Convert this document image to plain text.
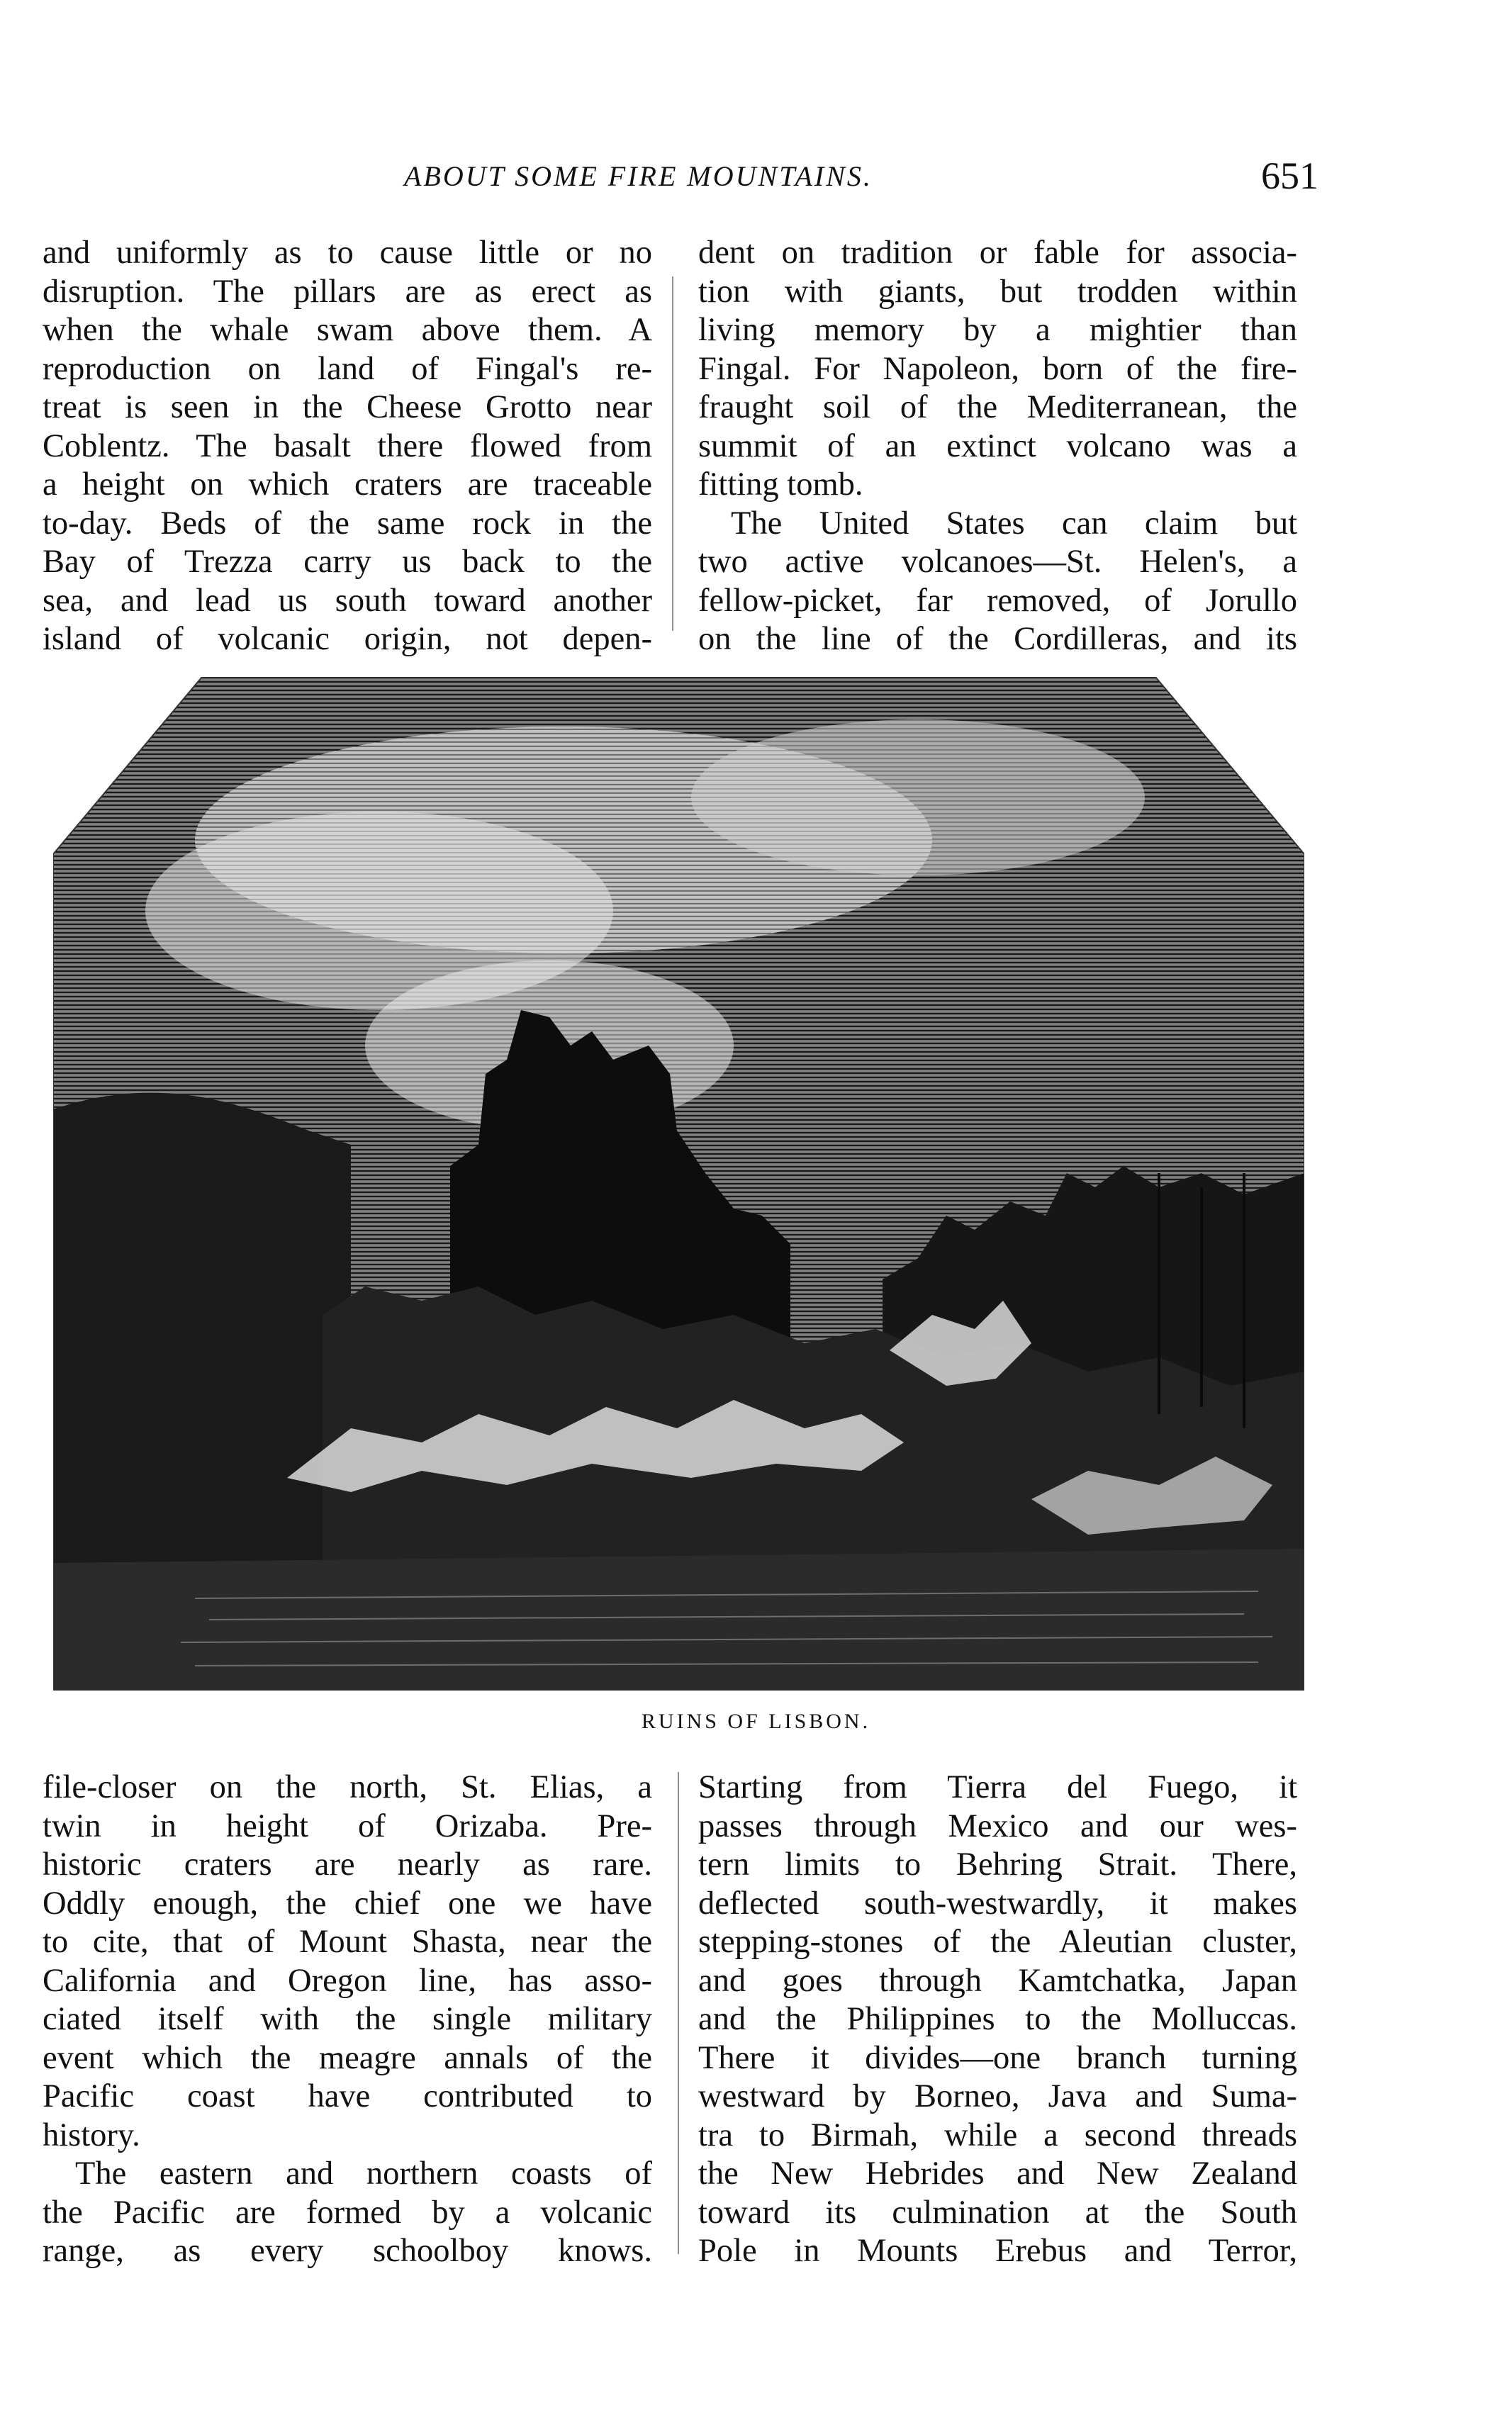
ABOUT SOME FIRE MOUNTAINS.	651

and uniformly as to cause little or no
disruption. The pillars are as erect as
when the whale swam above them. A
reproduction on land of Fingal's re-
treat is seen in the Cheese Grotto near
Coblentz. The basalt there flowed from
a height on which craters are traceable
to-day. Beds of the same rock in the
Bay of Trezza carry us back to the
sea, and lead us south toward another
island of volcanic origin, not depen-

dent on tradition or fable for associa-
tion with giants, but trodden within
living memory by a mightier than
Fingal. For Napoleon, born of the fire-
fraught soil of the Mediterranean, the
summit of an extinct volcano was a
fitting tomb.

The United States can claim but
two active volcanoes—St. Helen's, a
fellow-picket, far removed, of Jorullo
on the line of the Cordilleras, and its

RUINS OF LISBON.

file-closer on the north, St. Elias, a
twin in height of Orizaba. Pre-
historic craters are nearly as rare.
Oddly enough, the chief one we have
to cite, that of Mount Shasta, near the
California and Oregon line, has asso-
ciated itself with the single military
event which the meagre annals of the
Pacific coast have contributed to
history.

The eastern and northern coasts of
the Pacific are formed by a volcanic
range, as every schoolboy knows.

Starting from Tierra del Fuego, it
passes through Mexico and our wes-
tern limits to Behring Strait. There,
deflected south-westwardly, it makes
stepping-stones of the Aleutian cluster,
and goes through Kamtchatka, Japan
and the Philippines to the Molluccas.
There it divides—one branch turning
westward by Borneo, Java and Suma-
tra to Birmah, while a second threads
the New Hebrides and New Zealand
toward its culmination at the South
Pole in Mounts Erebus and Terror,
